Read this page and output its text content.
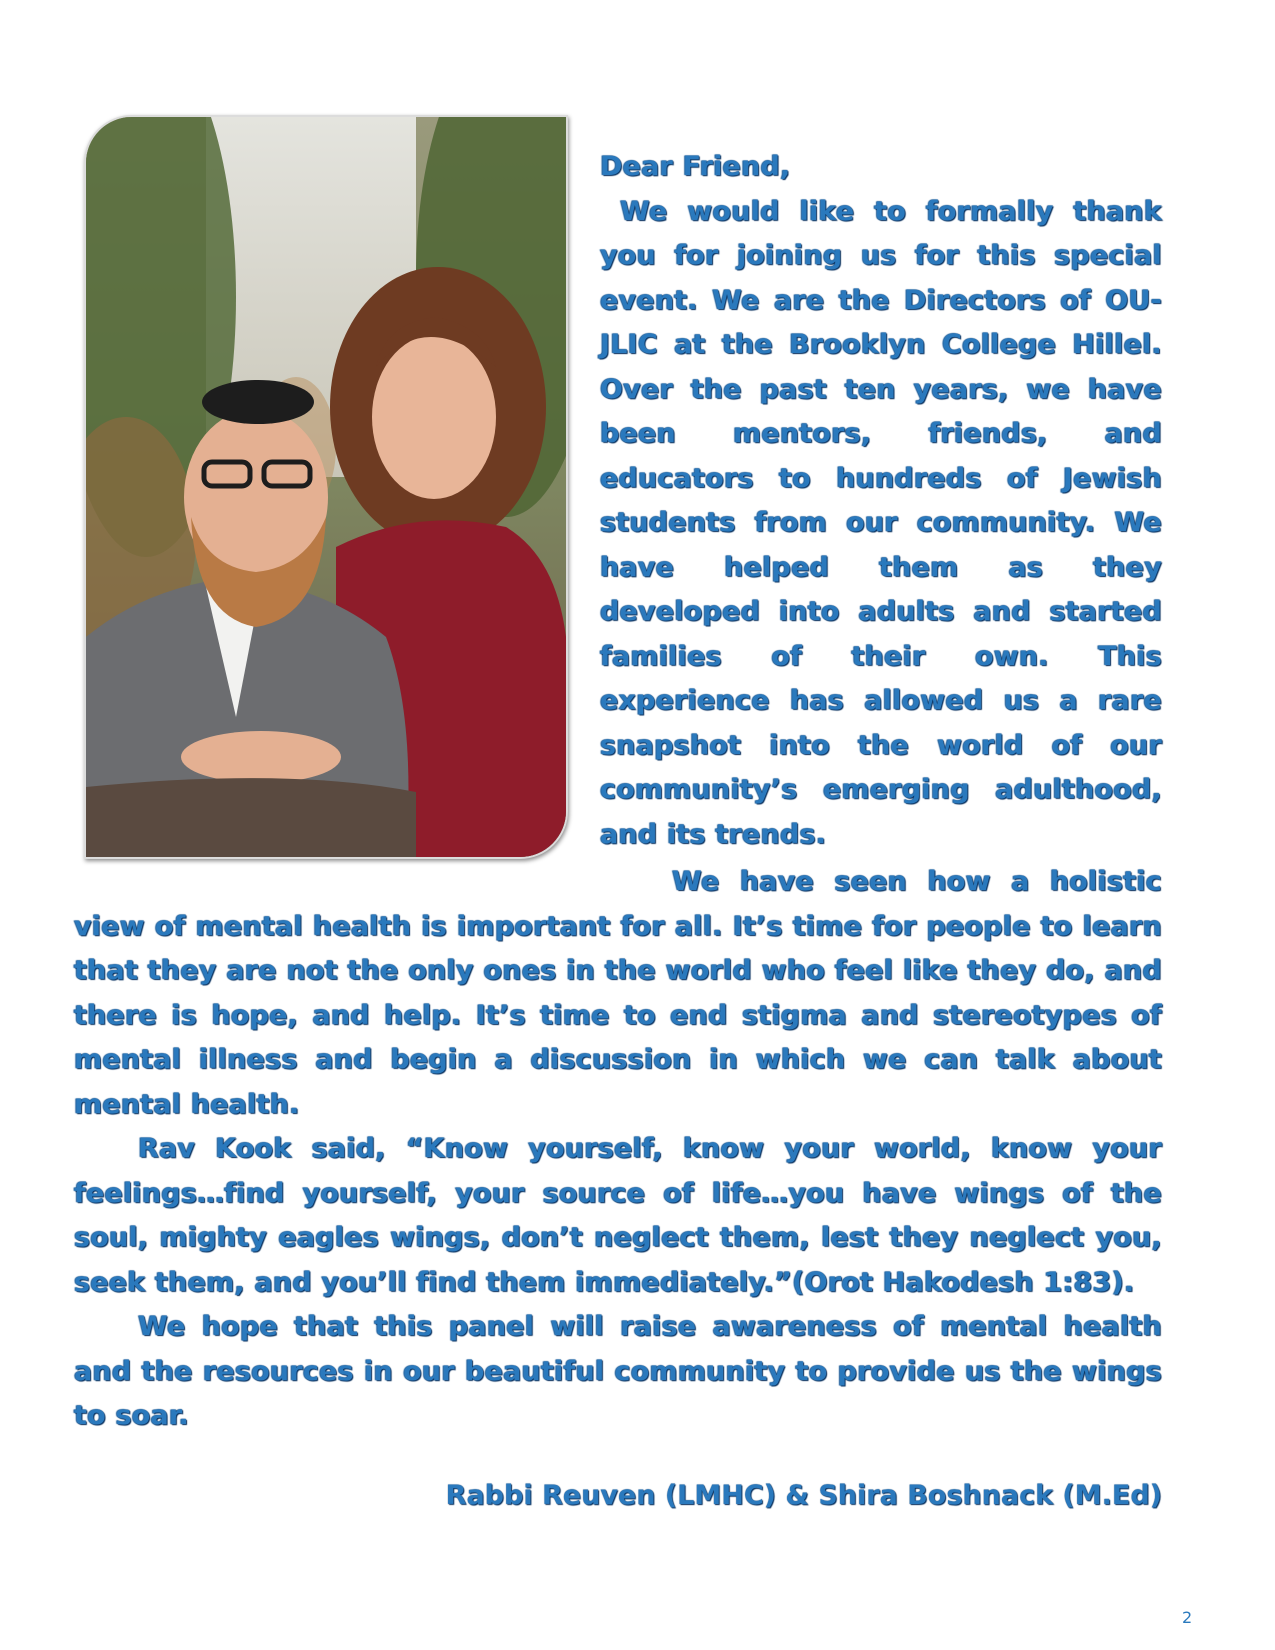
Dear Friend,

We would like to formally thank you for joining us for this special event. We are the Directors of OU-JLIC at the Brooklyn College Hillel. Over the past ten years, we have been mentors, friends, and educators to hundreds of Jewish students from our community. We have helped them as they developed into adults and started families of their own. This experience has allowed us a rare snapshot into the world of our community’s emerging adulthood, and its trends.

We have seen how a holistic view of mental health is important for all. It’s time for people to learn that they are not the only ones in the world who feel like they do, and there is hope, and help. It’s time to end stigma and stereotypes of mental illness and begin a discussion in which we can talk about mental health.

Rav Kook said, “Know yourself, know your world, know your feelings…find yourself, your source of life…you have wings of the soul, mighty eagles wings, don’t neglect them, lest they neglect you, seek them, and you’ll find them immediately.”(Orot Hakodesh 1:83).

We hope that this panel will raise awareness of mental health and the resources in our beautiful community to provide us the wings to soar.

Rabbi Reuven (LMHC) & Shira Boshnack (M.Ed)
2
